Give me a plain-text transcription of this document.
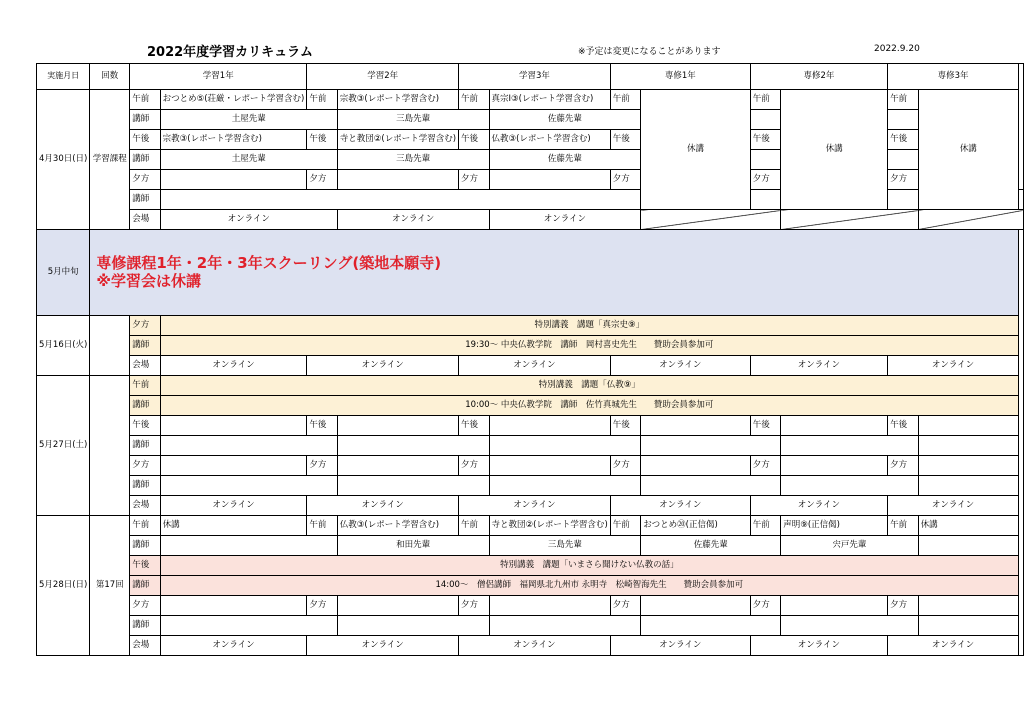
2022年度学習カリキュラム	※予定は変更になることがあります	2022.9.20
実施月日	回数	学習1年		学習2年		学習3年		専修1年		専修2年		専修3年		
4月30日(日)	学習課程	午前	おつとめ⑤(荘厳・レポート学習含む)	午前	宗教③(レポート学習含む)	午前	真宗Ⅰ③(レポート学習含む)	午前	休講	午前	休講	午前	休講	
		講師	土屋先輩		三島先輩		佐藤先輩							
		午後	宗教③(レポート学習含む)	午後	寺と教団②(レポート学習含む)	午後	仏教③(レポート学習含む)	午後		午後		午後		
		講師	土屋先輩		三島先輩		佐藤先輩							
		夕方		夕方		夕方		夕方		夕方		夕方		
		講師												
		会場	オンライン		オンライン		オンライン							
5月中旬	専修課程1年・2年・3年スクーリング(築地本願寺)
※学習会は休講													

5月16日(火)		夕方	特別講義　講題「真宗史⑨」											
		講師	19:30～ 中央仏教学院　講師　岡村喜史先生　　贊助会員参加可											
		会場	オンライン	オンライン		オンライン		オンライン		オンライン		オンライン		
5月27日(土)		午前	特別講義　講題「仏教⑨」											
		講師	10:00～ 中央仏教学院　講師　佐竹真城先生　　贊助会員参加可											
		午後		午後		午後		午後		午後		午後		
		講師												
		夕方		夕方		夕方		夕方		夕方		夕方		
		講師												
		会場	オンライン	オンライン		オンライン		オンライン		オンライン		オンライン		
5月28日(日)	第17回	午前	休講	午前	仏教③(レポート学習含む)	午前	寺と教団②(レポート学習含む)	午前	おつとめ⑳(正信偈)	午前	声明⑨(正信偈)	午前	休講	
		講師			和田先輩		三島先輩		佐藤先輩		宍戸先輩			
		午後	特別講義　講題「いまさら聞けない仏教の話」											
		講師	14:00～　僧侶講師　福岡県北九州市 永明寺　松崎智海先生　　贊助会員参加可											
		夕方		夕方		夕方		夕方		夕方		夕方		
		講師												
		会場	オンライン	オンライン		オンライン		オンライン		オンライン		オンライン		
